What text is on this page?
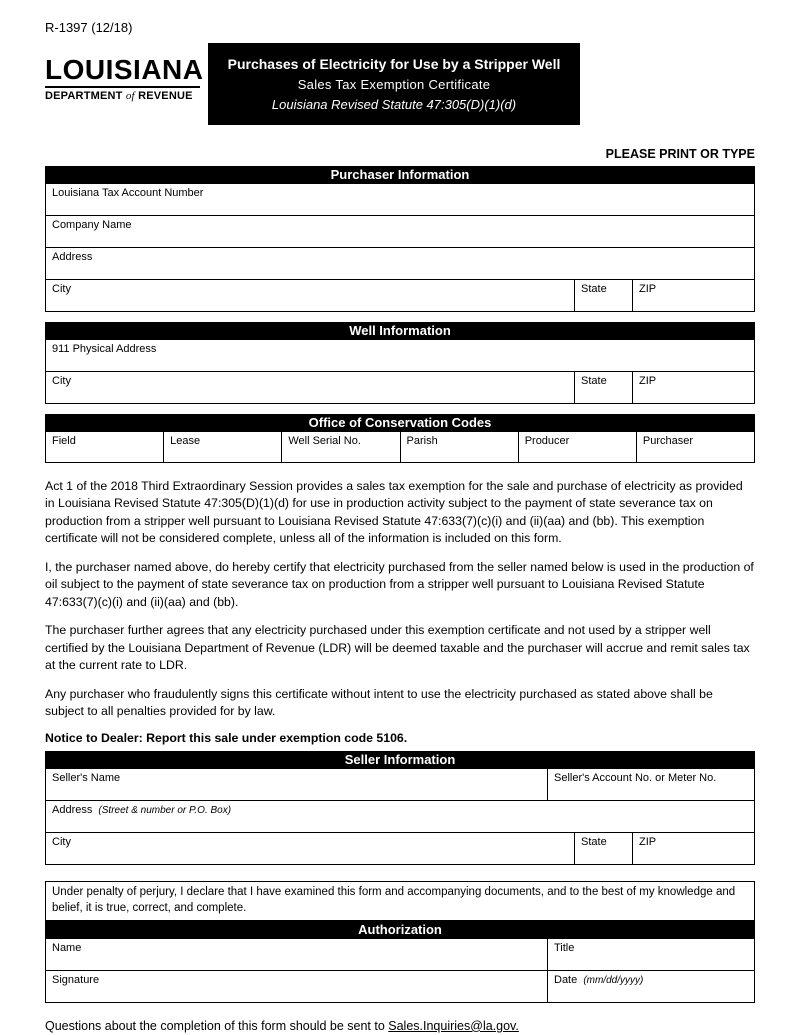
R-1397 (12/18)
LOUISIANA
DEPARTMENT of REVENUE
Purchases of Electricity for Use by a Stripper Well
Sales Tax Exemption Certificate
Louisiana Revised Statute 47:305(D)(1)(d)
PLEASE PRINT OR TYPE
Purchaser Information
Louisiana Tax Account Number
Company Name
Address
City	State	ZIP
Well Information
911 Physical Address
City	State	ZIP
Office of Conservation Codes
Field	Lease	Well Serial No.	Parish	Producer	Purchaser

Act 1 of the 2018 Third Extraordinary Session provides a sales tax exemption for the sale and purchase of electricity as provided in Louisiana Revised Statute 47:305(D)(1)(d) for use in production activity subject to the payment of state severance tax on production from a stripper well pursuant to Louisiana Revised Statute 47:633(7)(c)(i) and (ii)(aa) and (bb). This exemption certificate will not be considered complete, unless all of the information is included on this form.

I, the purchaser named above, do hereby certify that electricity purchased from the seller named below is used in the production of oil subject to the payment of state severance tax on production from a stripper well pursuant to Louisiana Revised Statute 47:633(7)(c)(i) and (ii)(aa) and (bb).

The purchaser further agrees that any electricity purchased under this exemption certificate and not used by a stripper well certified by the Louisiana Department of Revenue (LDR) will be deemed taxable and the purchaser will accrue and remit sales tax at the current rate to LDR.

Any purchaser who fraudulently signs this certificate without intent to use the electricity purchased as stated above shall be subject to all penalties provided for by law.

Notice to Dealer: Report this sale under exemption code 5106.
Seller Information
Seller's Name	Seller's Account No. or Meter No.
Address (Street & number or P.O. Box)
City	State	ZIP
Under penalty of perjury, I declare that I have examined this form and accompanying documents, and to the best of my knowledge and belief, it is true, correct, and complete.
Authorization
Name	Title
Signature	Date (mm/dd/yyyy)
Questions about the completion of this form should be sent to Sales.Inquiries@la.gov.
